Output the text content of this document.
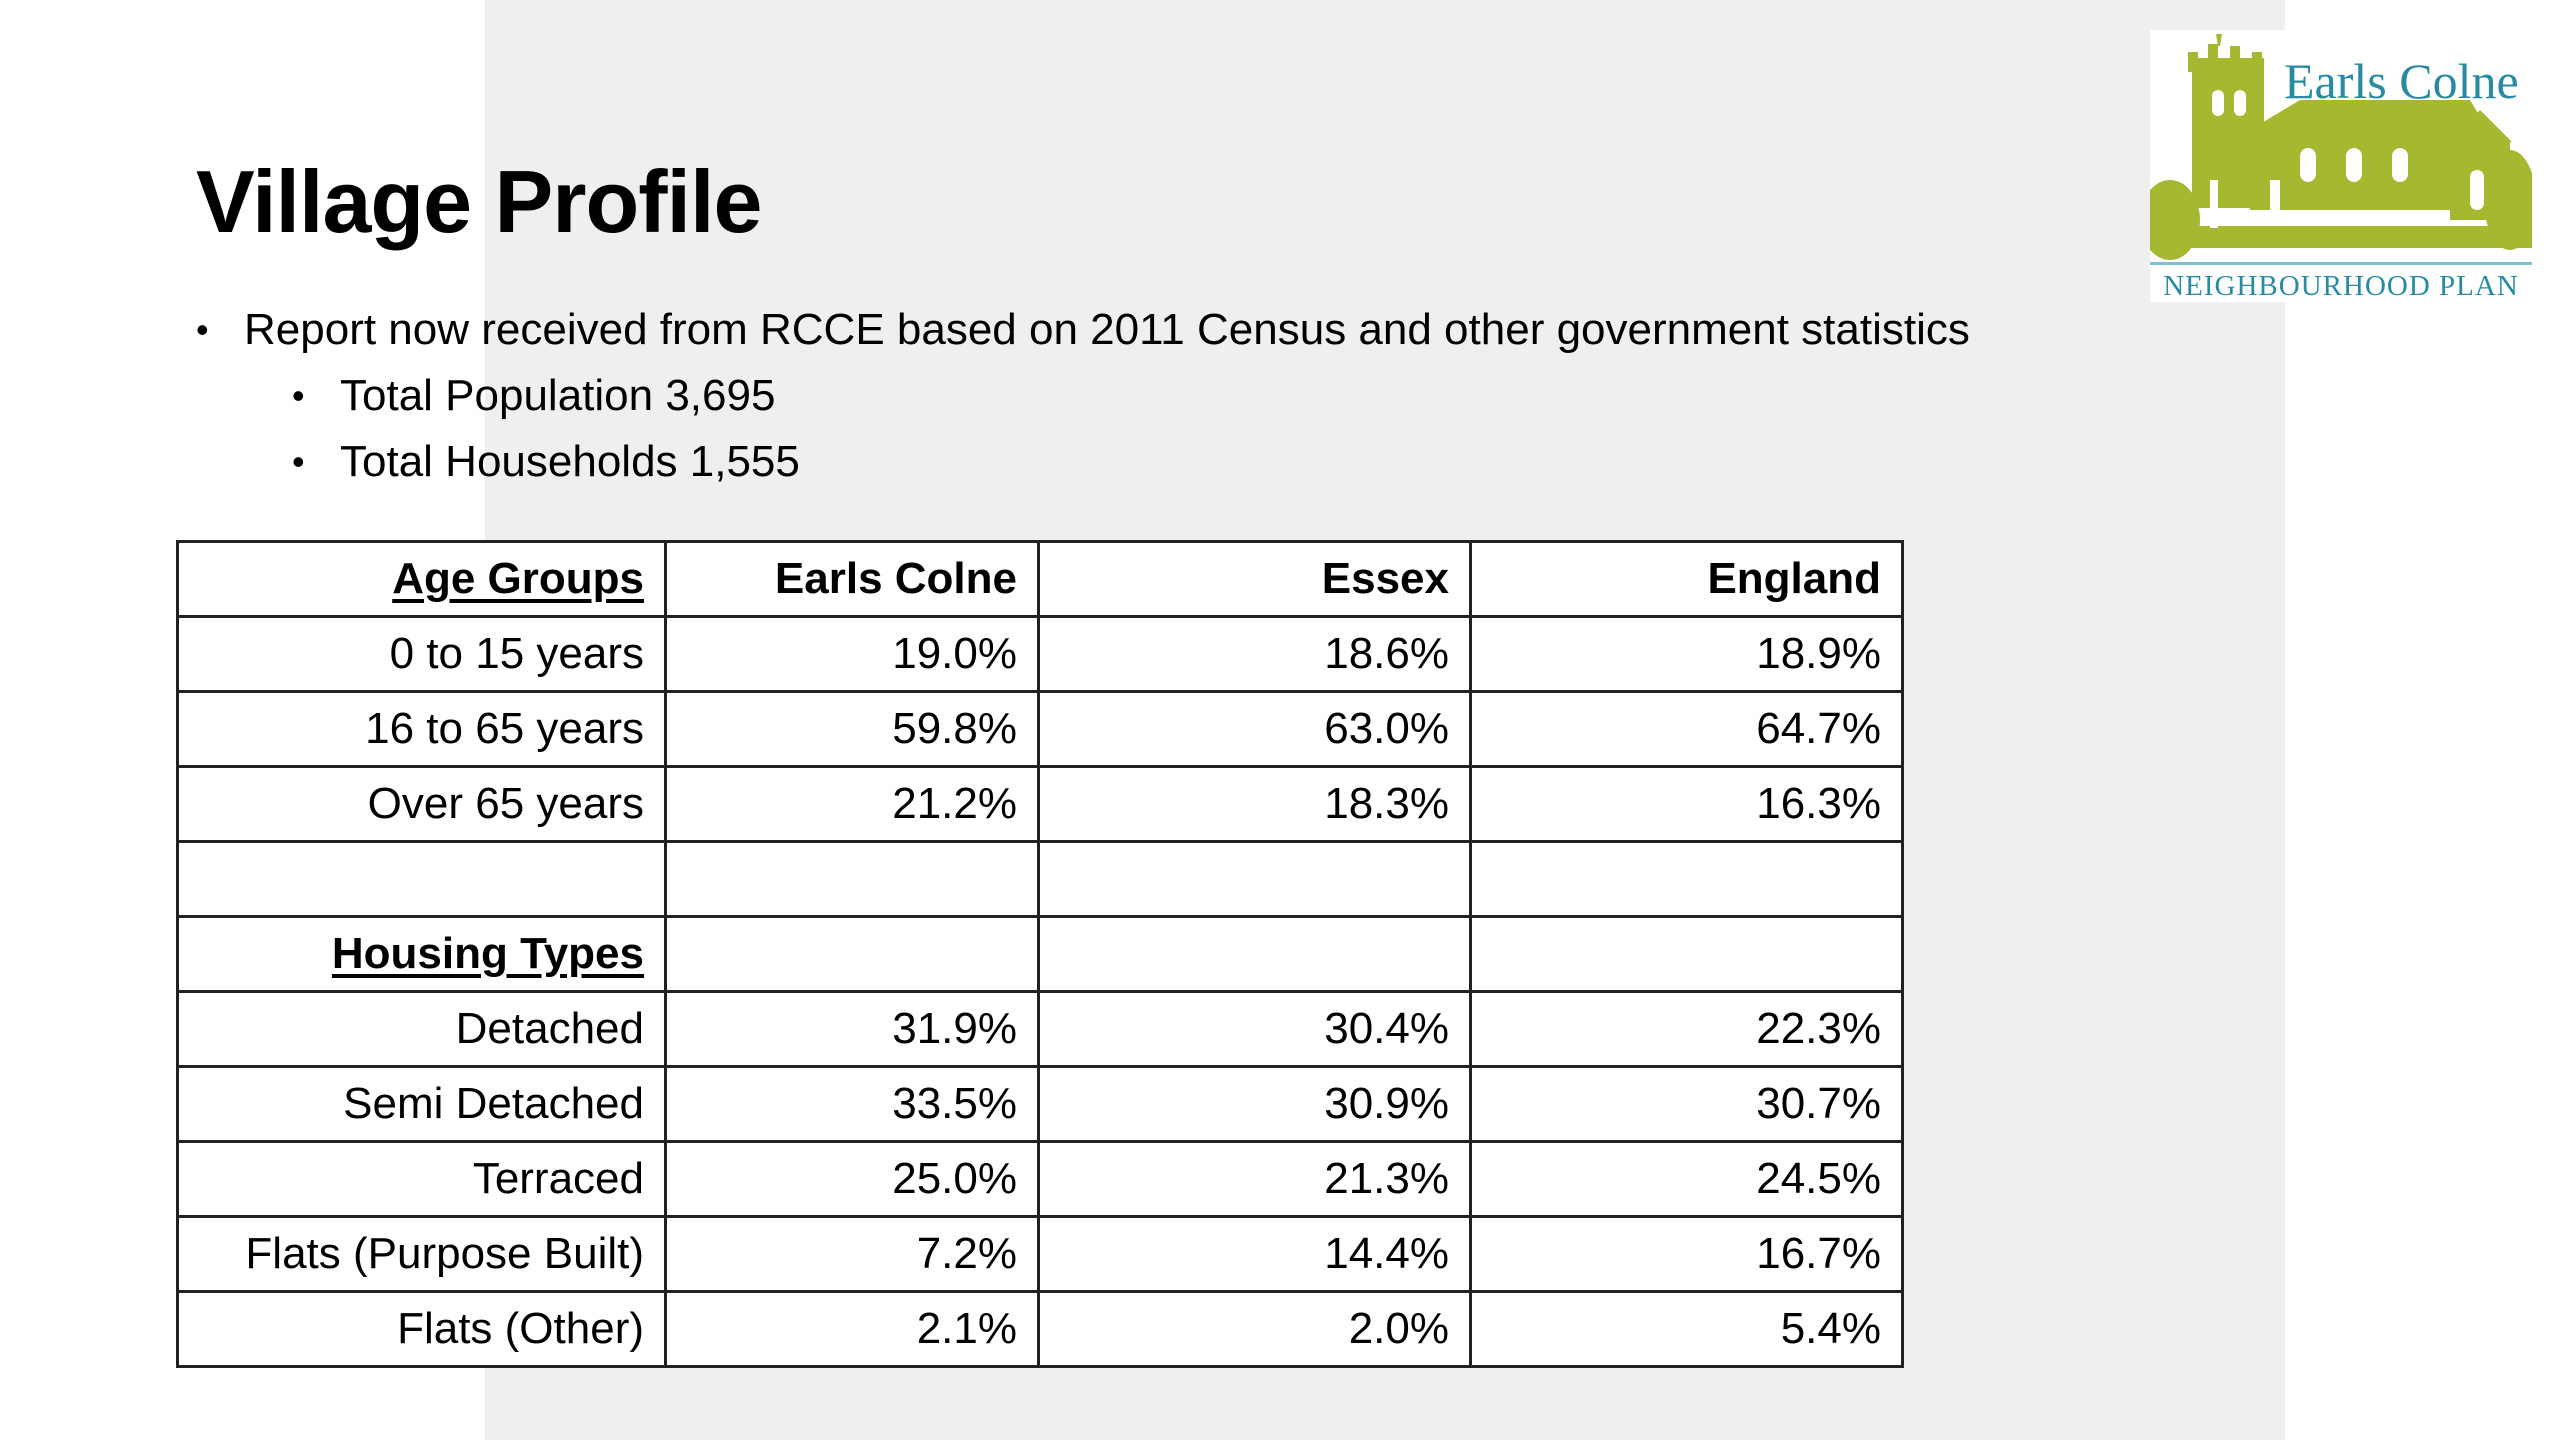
Village Profile
• Report now received from RCCE based on 2011 Census and other government statistics
• Total Population 3,695
• Total Households 1,555
Age Groups	Earls Colne	Essex	England
0 to 15 years	19.0%	18.6%	18.9%
16 to 65 years	59.8%	63.0%	64.7%
Over 65 years	21.2%	18.3%	16.3%

Housing Types			
Detached	31.9%	30.4%	22.3%
Semi Detached	33.5%	30.9%	30.7%
Terraced	25.0%	21.3%	24.5%
Flats (Purpose Built)	7.2%	14.4%	16.7%
Flats (Other)	2.1%	2.0%	5.4%
Earls Colne
NEIGHBOURHOOD PLAN
